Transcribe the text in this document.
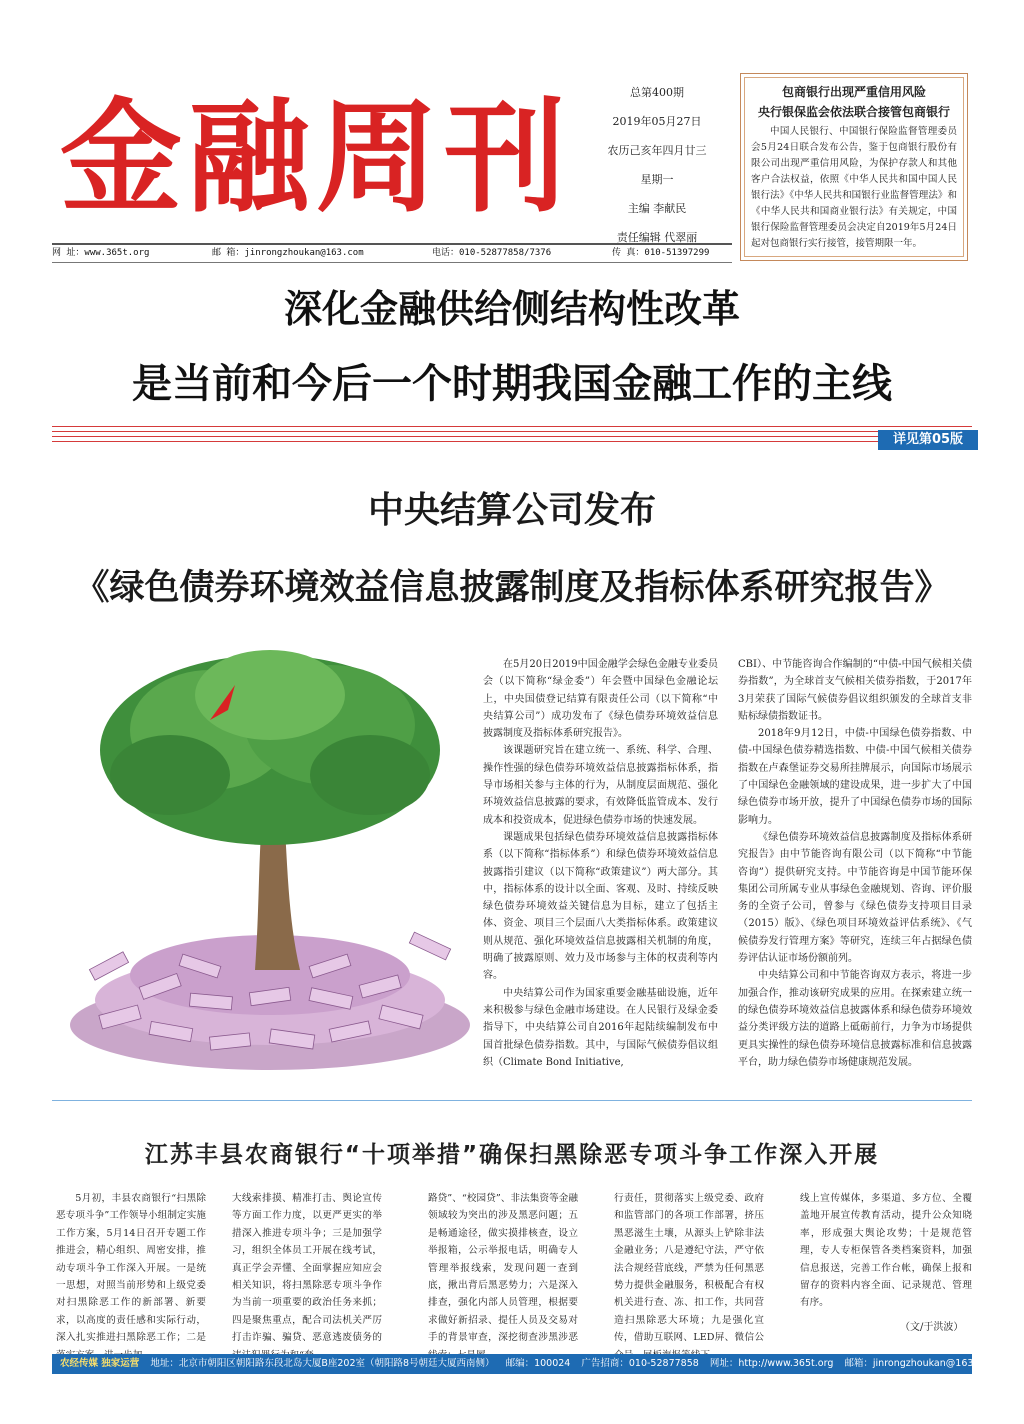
金融周刊	总第400期
2019年05月27日
农历己亥年四月廿三
星期一
主编 李献民
责任编辑 代翠丽
包商银行出现严重信用风险
央行银保监会依法联合接管包商银行

中国人民银行、中国银行保险监督管理委员会5月24日联合发布公告，鉴于包商银行股份有限公司出现严重信用风险，为保护存款人和其他客户合法权益，依照《中华人民共和国中国人民银行法》《中华人民共和国银行业监督管理法》和《中华人民共和国商业银行法》有关规定，中国银行保险监督管理委员会决定自2019年5月24日起对包商银行实行接管，接管期限一年。

网 址：www.365t.org	邮 箱：jinrongzhoukan@163.com	电话：010-52877858/7376	传 真：010-51397299
深化金融供给侧结构性改革
是当前和今后一个时期我国金融工作的主线
详见第05版
中央结算公司发布
《绿色债券环境效益信息披露制度及指标体系研究报告》

在5月20日2019中国金融学会绿色金融专业委员会（以下简称“绿金委”）年会暨中国绿色金融论坛上，中央国债登记结算有限责任公司（以下简称“中央结算公司”）成功发布了《绿色债券环境效益信息披露制度及指标体系研究报告》。

该课题研究旨在建立统一、系统、科学、合理、操作性强的绿色债券环境效益信息披露指标体系，指导市场相关参与主体的行为，从制度层面规范、强化环境效益信息披露的要求，有效降低监管成本、发行成本和投资成本，促进绿色债券市场的快速发展。

课题成果包括绿色债券环境效益信息披露指标体系（以下简称“指标体系”）和绿色债券环境效益信息披露指引建议（以下简称“政策建议”）两大部分。其中，指标体系的设计以全面、客观、及时、持续反映绿色债券环境效益关键信息为目标，建立了包括主体、资金、项目三个层面八大类指标体系。政策建议则从规范、强化环境效益信息披露相关机制的角度，明确了披露原则、效力及市场参与主体的权责利等内容。

中央结算公司作为国家重要金融基础设施，近年来积极参与绿色金融市场建设。在人民银行及绿金委指导下，中央结算公司自2016年起陆续编制发布中国首批绿色债券指数。其中，与国际气候债券倡议组织（Climate Bond Initiative,

CBI）、中节能咨询合作编制的“中债-中国气候相关债券指数”，为全球首支气候相关债券指数，于2017年3月荣获了国际气候债券倡议组织颁发的全球首支非贴标绿债指数证书。

2018年9月12日，中债-中国绿色债券指数、中债-中国绿色债券精选指数、中债-中国气候相关债券指数在卢森堡证券交易所挂牌展示，向国际市场展示了中国绿色金融领域的建设成果，进一步扩大了中国绿色债券市场开放，提升了中国绿色债券市场的国际影响力。

《绿色债券环境效益信息披露制度及指标体系研究报告》由中节能咨询有限公司（以下简称“中节能咨询”）提供研究支持。中节能咨询是中国节能环保集团公司所属专业从事绿色金融规划、咨询、评价服务的全资子公司，曾参与《绿色债券支持项目目录（2015）版》、《绿色项目环境效益评估系统》、《气候债券发行管理方案》等研究，连续三年占据绿色债券评估认证市场份额前列。

中央结算公司和中节能咨询双方表示，将进一步加强合作，推动该研究成果的应用。在探索建立统一的绿色债券环境效益信息披露体系和绿色债券环境效益分类评级方法的道路上砥砺前行，力争为市场提供更具实操性的绿色债券环境信息披露标准和信息披露平台，助力绿色债券市场健康规范发展。

江苏丰县农商银行“十项举措”确保扫黑除恶专项斗争工作深入开展

5月初，丰县农商银行“扫黑除恶专项斗争”工作领导小组制定实施工作方案，5月14日召开专题工作推进会，精心组织、周密安排，推动专项斗争工作深入开展。一是统一思想，对照当前形势和上级党委对扫黑除恶工作的新部署、新要求，以高度的责任感和实际行动，深入扎实推进扫黑除恶工作；二是

大线索排摸、精准打击、舆论宣传等方面工作力度，以更严更实的举措深入推进专项斗争；三是加强学习，组织全体员工开展在线考试，真正学会弄懂、全面掌握应知应会相关知识，将扫黑除恶专项斗争作为当前一项重要的政治任务来抓；四是聚焦重点，配合司法机关严厉打击诈骗、骗贷、恶意逃废债务的

路贷”、“校园贷”、非法集资等金融领域较为突出的涉及黑恶问题；五是畅通途径，做实摸排核查，设立举报箱，公示举报电话，明确专人管理举报线索，发现问题一查到底，揪出背后黑恶势力；六是深入排查，强化内部人员管理，根据要求做好新招录、提任人员及交易对手的背景审查，深挖彻查涉黑涉恶

行责任，贯彻落实上级党委、政府和监管部门的各项工作部署，挤压黑恶滋生土壤，从源头上铲除非法金融业务；八是遵纪守法，严守依法合规经营底线，严禁为任何黑恶势力提供金融服务，积极配合有权机关进行查、冻、扣工作，共同营造扫黑除恶大环境；九是强化宣传，借助互联网、LED屏、微信公

线上宣传媒体，多渠道、多方位、全覆盖地开展宣传教育活动，提升公众知晓率，形成强大舆论攻势；十是规范管理，专人专柜保管各类档案资料，加强信息报送，完善工作台帐，确保上报和留存的资料内容全面、记录规范、管理有序。

（文/于洪波）
农经传媒 独家运营 地址：北京市朝阳区朝阳路东段北岛大厦B座202室（朝阳路8号朝廷大厦西南侧） 邮编：100024 广告招商：010-52877858 网址：http://www.365t.org 邮箱：jinrongzhoukan@163.com
